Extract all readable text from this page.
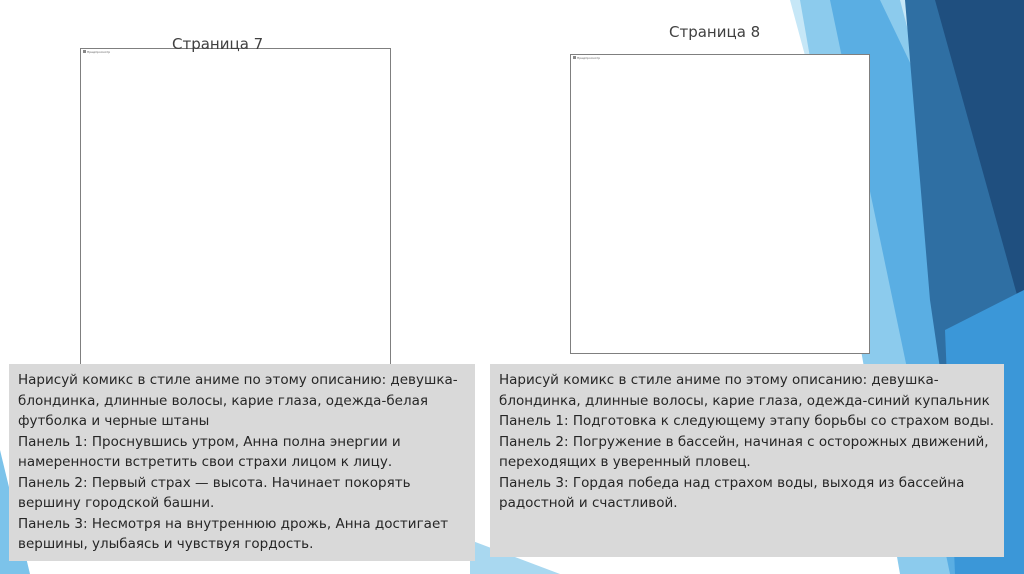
Страница 7
Страница 8
Предпросмотр
Предпросмотр

Нарисуй комикс в стиле аниме по этому описанию: девушка-блондинка, длинные волосы, карие глаза, одежда-белая футболка и черные штаны

Панель 1: Проснувшись утром, Анна полна энергии и намеренности встретить свои страхи лицом к лицу.

Панель 2: Первый страх — высота. Начинает покорять вершину городской башни.

Панель 3: Несмотря на внутреннюю дрожь, Анна достигает вершины, улыбаясь и чувствуя гордость.

Нарисуй комикс в стиле аниме по этому описанию: девушка-блондинка, длинные волосы, карие глаза, одежда-синий купальник

Панель 1: Подготовка к следующему этапу борьбы со страхом воды.

Панель 2: Погружение в бассейн, начиная с осторожных движений, переходящих в уверенный пловец.

Панель 3: Гордая победа над страхом воды, выходя из бассейна радостной и счастливой.
